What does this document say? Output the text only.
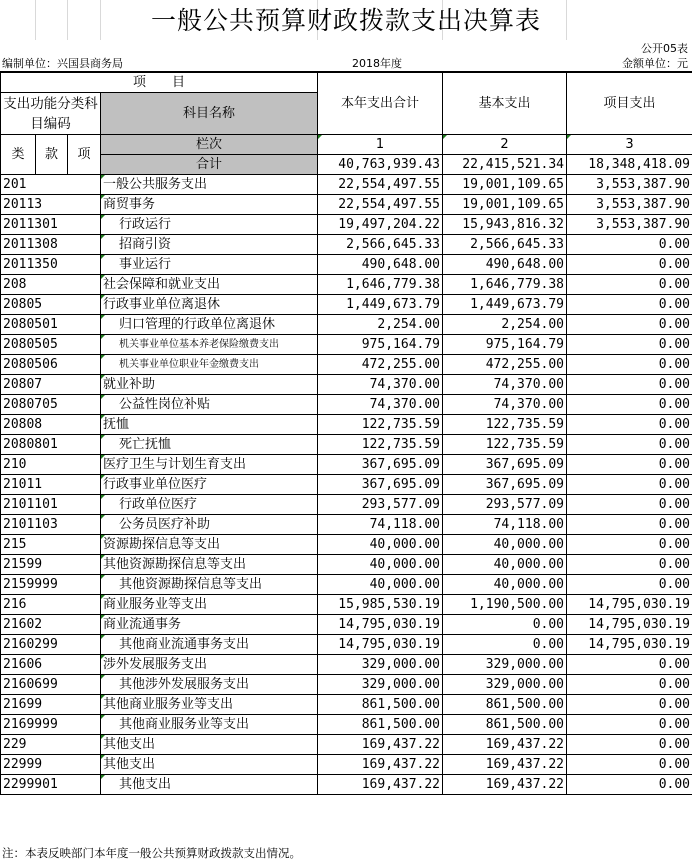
一般公共预算财政拨款支出决算表
公开05表
编制单位：兴国县商务局	2018年度	金额单位：元
项　　目				本年支出合计	基本支出	项目支出
支出功能分类科目编码			科目名称			

类	款	项	栏次	1	2	3
			合计	40,763,939.43	22,415,521.34	18,348,418.09
201			一般公共服务支出	22,554,497.55	19,001,109.65	3,553,387.90
20113			商贸事务	22,554,497.55	19,001,109.65	3,553,387.90
2011301			行政运行	19,497,204.22	15,943,816.32	3,553,387.90
2011308			招商引资	2,566,645.33	2,566,645.33	0.00
2011350			事业运行	490,648.00	490,648.00	0.00
208			社会保障和就业支出	1,646,779.38	1,646,779.38	0.00
20805			行政事业单位离退休	1,449,673.79	1,449,673.79	0.00
2080501			归口管理的行政单位离退休	2,254.00	2,254.00	0.00
2080505			机关事业单位基本养老保险缴费支出	975,164.79	975,164.79	0.00
2080506			机关事业单位职业年金缴费支出	472,255.00	472,255.00	0.00
20807			就业补助	74,370.00	74,370.00	0.00
2080705			公益性岗位补贴	74,370.00	74,370.00	0.00
20808			抚恤	122,735.59	122,735.59	0.00
2080801			死亡抚恤	122,735.59	122,735.59	0.00
210			医疗卫生与计划生育支出	367,695.09	367,695.09	0.00
21011			行政事业单位医疗	367,695.09	367,695.09	0.00
2101101			行政单位医疗	293,577.09	293,577.09	0.00
2101103			公务员医疗补助	74,118.00	74,118.00	0.00
215			资源勘探信息等支出	40,000.00	40,000.00	0.00
21599			其他资源勘探信息等支出	40,000.00	40,000.00	0.00
2159999			其他资源勘探信息等支出	40,000.00	40,000.00	0.00
216			商业服务业等支出	15,985,530.19	1,190,500.00	14,795,030.19
21602			商业流通事务	14,795,030.19	0.00	14,795,030.19
2160299			其他商业流通事务支出	14,795,030.19	0.00	14,795,030.19
21606			涉外发展服务支出	329,000.00	329,000.00	0.00
2160699			其他涉外发展服务支出	329,000.00	329,000.00	0.00
21699			其他商业服务业等支出	861,500.00	861,500.00	0.00
2169999			其他商业服务业等支出	861,500.00	861,500.00	0.00
229			其他支出	169,437.22	169,437.22	0.00
22999			其他支出	169,437.22	169,437.22	0.00
2299901			其他支出	169,437.22	169,437.22	0.00
注：本表反映部门本年度一般公共预算财政拨款支出情况。
